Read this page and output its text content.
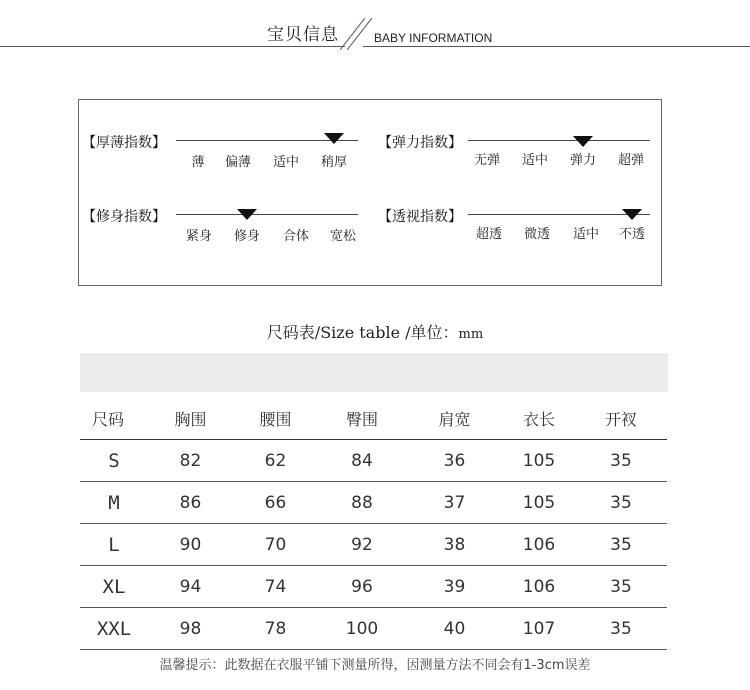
宝贝信息	BABY INFORMATION
【厚薄指数】
薄 偏薄 适中 稍厚
【弹力指数】
无弹 适中 弹力 超弹
【修身指数】
紧身 修身 合体 宽松
【透视指数】
超透 微透 适中 不透
尺码表/Size table /单位：mm
尺码	胸围	腰围	臀围	肩宽	衣长	开衩
S	82	62	84	36	105	35
M	86	66	88	37	105	35
L	90	70	92	38	106	35
XL	94	74	96	39	106	35
XXL	98	78	100	40	107	35
温馨提示：此数据在衣服平铺下测量所得，因测量方法不同会有1-3cm误差
